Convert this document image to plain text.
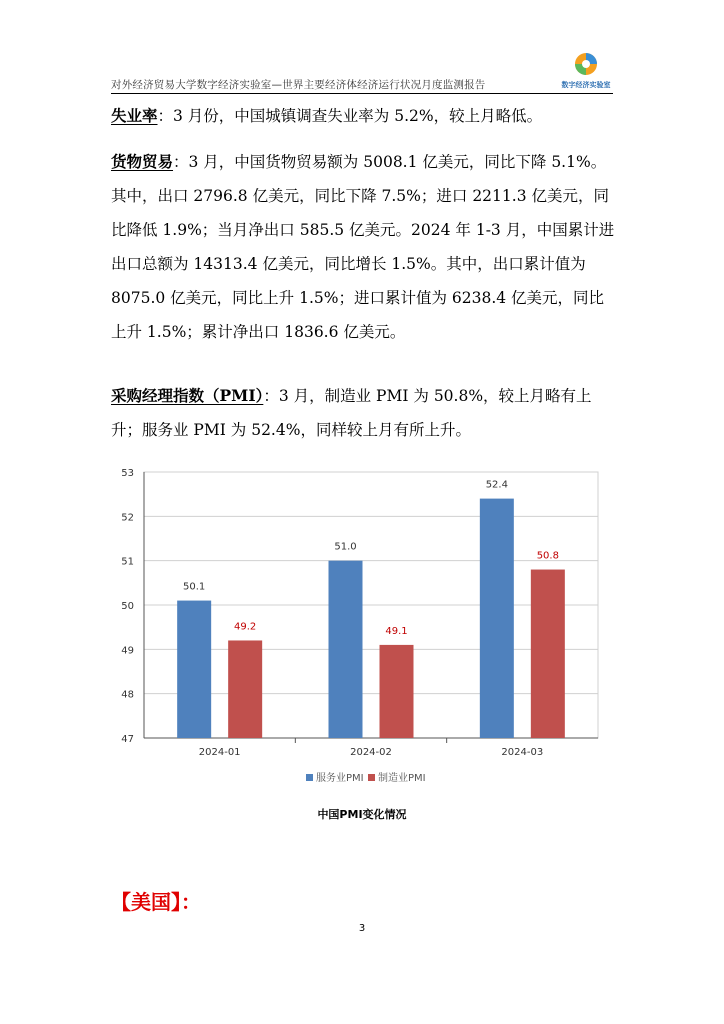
对外经济贸易大学数字经济实验室—世界主要经济体经济运行状况月度监测报告	数字经济实验室
失业率：3 月份，中国城镇调查失业率为 5.2%，较上月略低。
货物贸易：3 月，中国货物贸易额为 5008.1 亿美元，同比下降 5.1%。其中，出口 2796.8 亿美元，同比下降 7.5%；进口 2211.3 亿美元，同比降低 1.9%；当月净出口 585.5 亿美元。2024 年 1-3 月，中国累计进出口总额为 14313.4 亿美元，同比增长 1.5%。其中，出口累计值为 8075.0 亿美元，同比上升 1.5%；进口累计值为 6238.4 亿美元，同比上升 1.5%；累计净出口 1836.6 亿美元。
采购经理指数（PMI）：3 月，制造业 PMI 为 50.8%，较上月略有上升；服务业 PMI 为 52.4%，同样较上月有所上升。
47
48
49
50
51
52
53
2024-01
50.1
49.2
2024-02
51.0
49.1
2024-03
52.4
50.8
服务业PMI 制造业PMI
中国PMI变化情况
【美国】：
3
